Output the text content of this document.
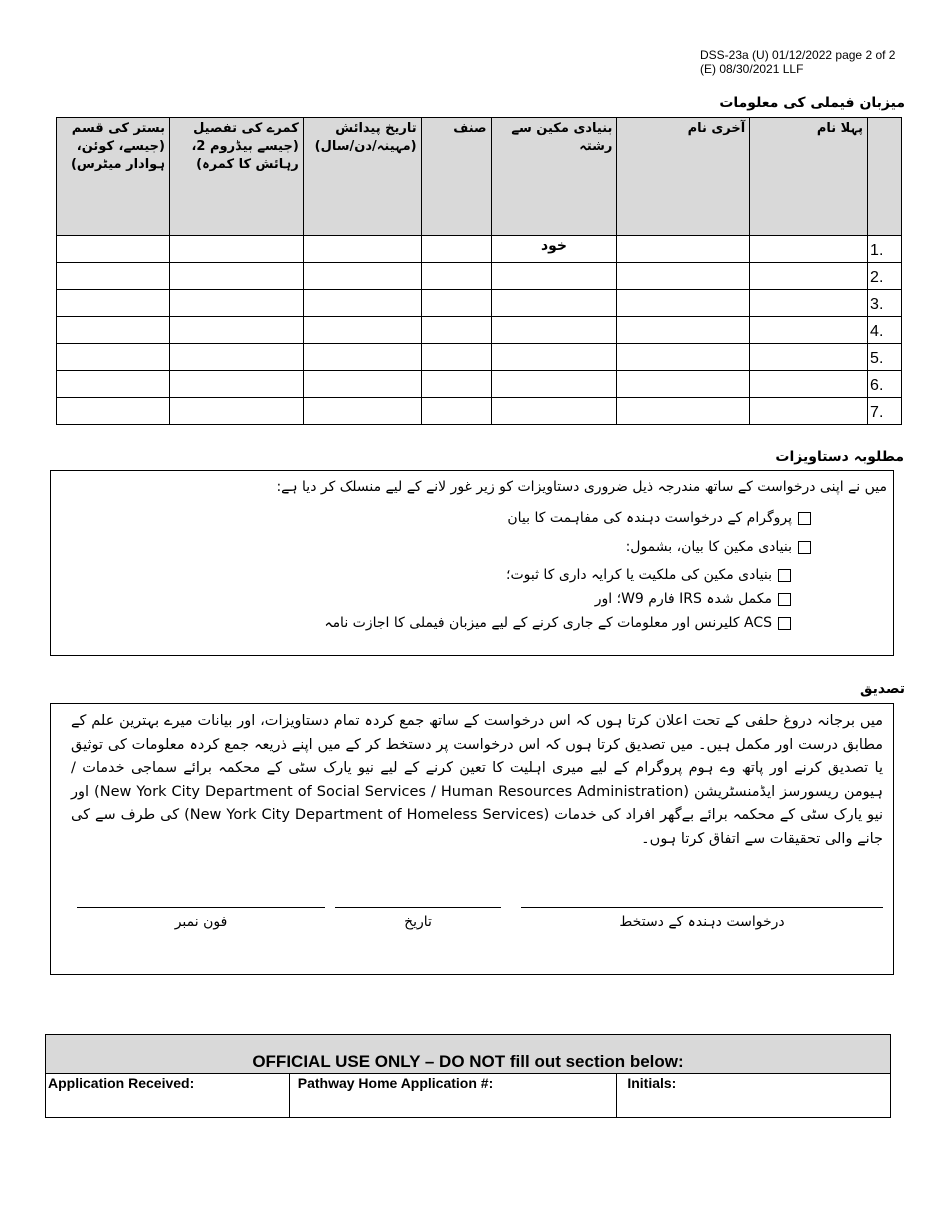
DSS-23a (U) 01/12/2022 page 2 of 2
(E) 08/30/2021 LLF
میزبان فیملی کی معلومات
	پہلا نام	آخری نام	بنیادی مکین سے رشتہ	صنف	تاریخ پیدائش (مہینہ/دن/سال)	کمرے کی تفصیل (جیسے بیڈروم 2، رہائش کا کمرہ)	بستر کی قسم (جیسے، کوئن، ہوادار میٹرس)
.1			خود				
.2							
.3							
.4							
.5							
.6							
.7							
مطلوبہ دستاویزات
میں نے اپنی درخواست کے ساتھ مندرجہ ذیل ضروری دستاویزات کو زیر غور لانے کے لیے منسلک کر دیا ہے:
پروگرام کے درخواست دہندہ کی مفاہمت کا بیان
بنیادی مکین کا بیان، بشمول:
بنیادی مکین کی ملکیت یا کرایہ داری کا ثبوت؛
مکمل شدہ IRS فارم W9؛ اور
ACS کلیرنس اور معلومات کے جاری کرنے کے لیے میزبان فیملی کا اجازت نامہ
تصدیق
میں برجانہ دروغ حلفی کے تحت اعلان کرتا ہوں کہ اس درخواست کے ساتھ جمع کردہ تمام دستاویزات، اور بیانات میرے بہترین علم کے مطابق درست اور مکمل ہیں۔ میں تصدیق کرتا ہوں کہ اس درخواست پر دستخط کر کے میں اپنے ذریعہ جمع کردہ معلومات کی توثیق یا تصدیق کرنے اور پاتھ وے ہوم پروگرام کے لیے میری اہلیت کا تعین کرنے کے لیے نیو یارک سٹی کے محکمہ برائے سماجی خدمات / ہیومن ریسورسز ایڈمنسٹریشن (New York City Department of Social Services / Human Resources Administration) اور نیو یارک سٹی کے محکمہ برائے بےگھر افراد کی خدمات (New York City Department of Homeless Services) کی طرف سے کی جانے والی تحقیقات سے اتفاق کرتا ہوں۔
درخواست دہندہ کے دستخط
تاریخ
فون نمبر
OFFICIAL USE ONLY – DO NOT fill out section below:
Application Received:	Pathway Home Application #:	Initials:
